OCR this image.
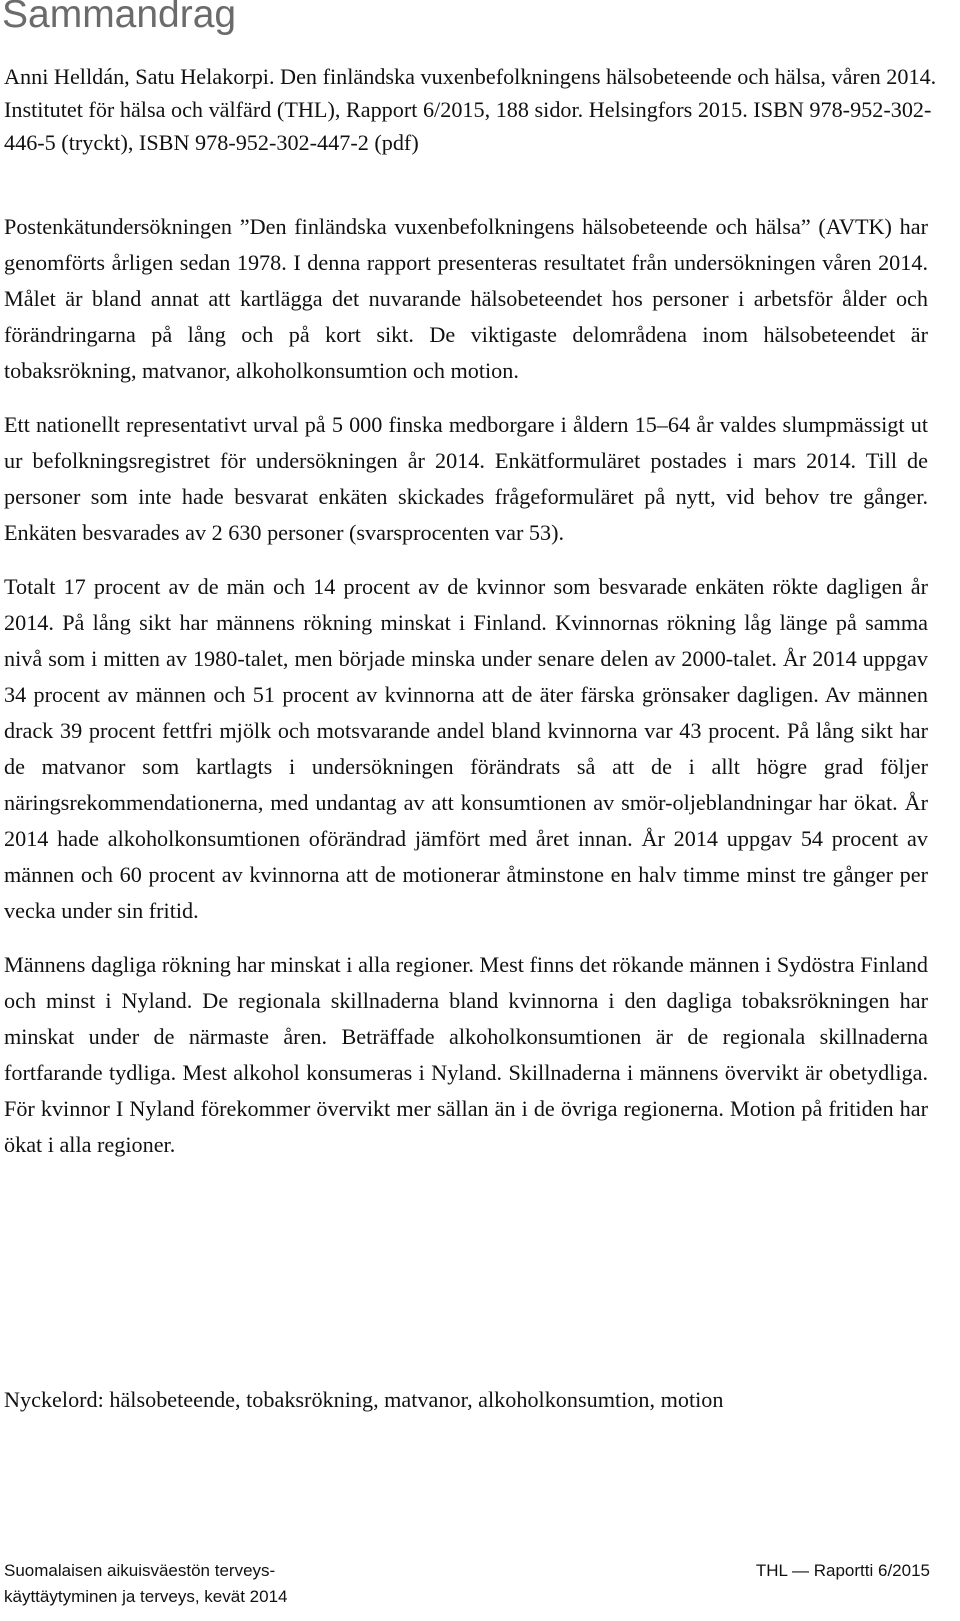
Sammandrag

Anni Helldán, Satu Helakorpi. Den finländska vuxenbefolkningens hälsobeteende och hälsa, våren 2014. Institutet för hälsa och välfärd (THL), Rapport 6/2015, 188 sidor. Helsingfors 2015. ISBN 978-952-302-446-5 (tryckt), ISBN 978-952-302-447-2 (pdf)

Postenkätundersökningen ”Den finländska vuxenbefolkningens hälsobeteende och hälsa” (AVTK) har genomförts årligen sedan 1978. I denna rapport presenteras resultatet från undersökningen våren 2014. Målet är bland annat att kartlägga det nuvarande hälsobeteendet hos personer i arbetsför ålder och förändringarna på lång och på kort sikt. De viktigaste delområdena inom hälsobeteendet är tobaksrökning, matvanor, alkoholkonsumtion och motion.

Ett nationellt representativt urval på 5 000 finska medborgare i åldern 15–64 år valdes slumpmässigt ut ur befolkningsregistret för undersökningen år 2014. Enkätformuläret postades i mars 2014. Till de personer som inte hade besvarat enkäten skickades frågeformuläret på nytt, vid behov tre gånger. Enkäten besvarades av 2 630 personer (svarsprocenten var 53).

Totalt 17 procent av de män och 14 procent av de kvinnor som besvarade enkäten rökte dagligen år 2014. På lång sikt har männens rökning minskat i Finland. Kvinnornas rökning låg länge på samma nivå som i mitten av 1980-talet, men började minska under senare delen av 2000-talet. År 2014 uppgav 34 procent av männen och 51 procent av kvinnorna att de äter färska grönsaker dagligen. Av männen drack 39 procent fettfri mjölk och motsvarande andel bland kvinnorna var 43 procent. På lång sikt har de matvanor som kartlagts i undersökningen förändrats så att de i allt högre grad följer näringsrekommendationerna, med undantag av att konsumtionen av smör-oljeblandningar har ökat. År 2014 hade alkoholkonsumtionen oförändrad jämfört med året innan. År 2014 uppgav 54 procent av männen och 60 procent av kvinnorna att de motionerar åtminstone en halv timme minst tre gånger per vecka under sin fritid.

Männens dagliga rökning har minskat i alla regioner. Mest finns det rökande männen i Sydöstra Finland och minst i Nyland. De regionala skillnaderna bland kvinnorna i den dagliga tobaksrökningen har minskat under de närmaste åren. Beträffade alkoholkonsumtionen är de regionala skillnaderna fortfarande tydliga. Mest alkohol konsumeras i Nyland. Skillnaderna i männens övervikt är obetydliga. För kvinnor I Nyland förekommer övervikt mer sällan än i de övriga regionerna. Motion på fritiden har ökat i alla regioner.

Nyckelord: hälsobeteende, tobaksrökning, matvanor, alkoholkonsumtion, motion

Suomalaisen aikuisväestön terveys-
käyttäytyminen ja terveys, kevät 2014
THL — Raportti 6/2015
